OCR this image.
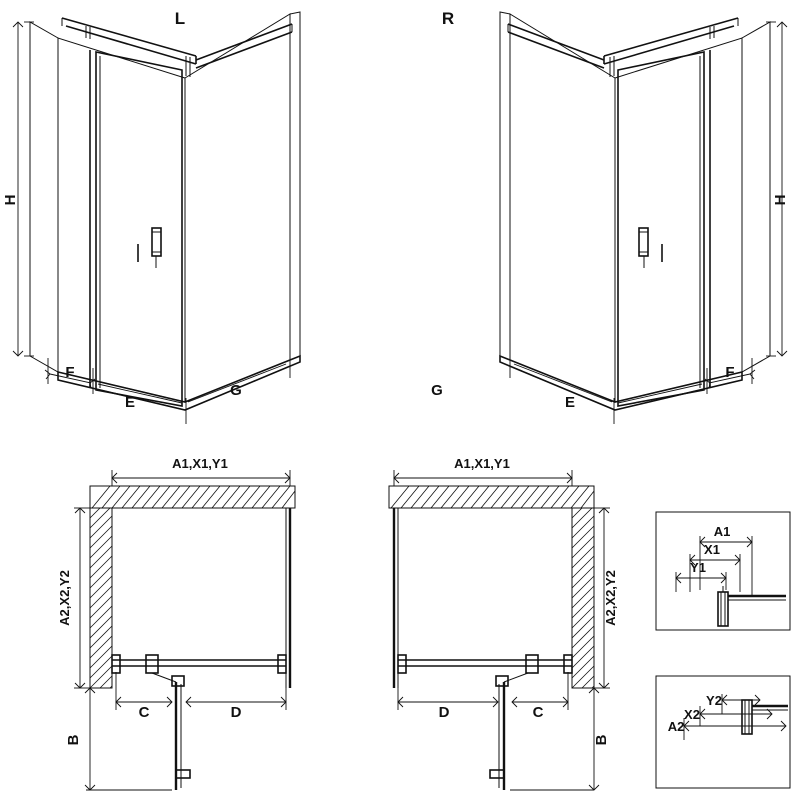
H
F
E
G
L
H
F
E
G
R
A1,X1,Y1
A2,X2,Y2
C	D
B
A1,X1,Y1
A2,X2,Y2
D	C
B
A1
X1
Y1
A2
X2
Y2
